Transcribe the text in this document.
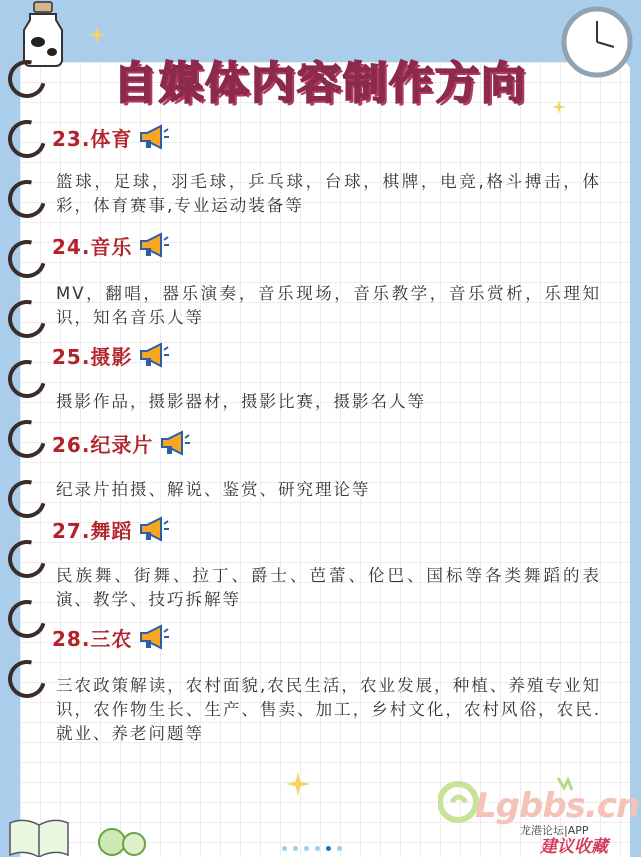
自媒体内容制作方向
23.体育
篮球，足球，羽毛球，乒乓球，台球，棋牌，电竞,格斗搏击，体彩，体育赛事,专业运动装备等
24.音乐
MV，翻唱，器乐演奏，音乐现场，音乐教学，音乐赏析，乐理知识，知名音乐人等
25.摄影
摄影作品，摄影器材，摄影比赛，摄影名人等
26.纪录片
纪录片拍摄、解说、鉴赏、研究理论等
27.舞蹈
民族舞、街舞、拉丁、爵士、芭蕾、伦巴、国标等各类舞蹈的表演、教学、技巧拆解等
28.三农
三农政策解读，农村面貌,农民生活，农业发展，种植、养殖专业知识，农作物生长、生产、售卖、加工，乡村文化，农村风俗，农民.就业、养老问题等
Lgbbs.cn
龙港论坛|APP
建议收藏
